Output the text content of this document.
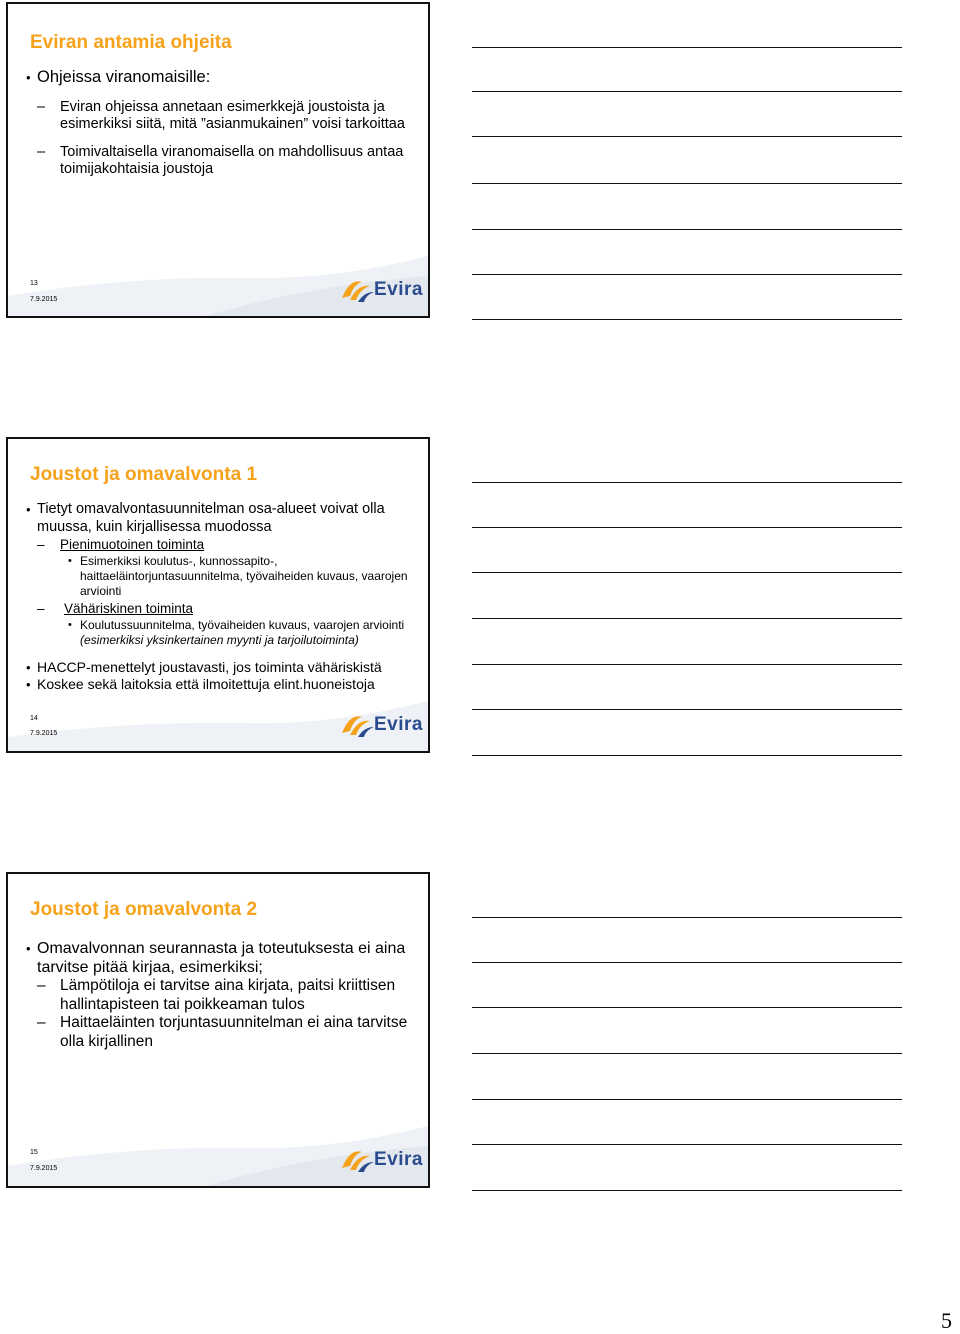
Eviran antamia ohjeita
• Ohjeissa viranomaisille:
– Eviran ohjeissa annetaan esimerkkejä joustoista ja esimerkiksi siitä, mitä ”asianmukainen” voisi tarkoittaa
– Toimivaltaisella viranomaisella on mahdollisuus antaa toimijakohtaisia joustoja
13
7.9.2015	Evira
Joustot ja omavalvonta 1
• Tietyt omavalvontasuunnitelman osa-alueet voivat olla muussa, kuin kirjallisessa muodossa
– Pienimuotoinen toiminta
• Esimerkiksi koulutus-, kunnossapito-, haittaeläintorjuntasuunnitelma, työvaiheiden kuvaus, vaarojen arviointi
– Vähäriskinen toiminta
• Koulutussuunnitelma, työvaiheiden kuvaus, vaarojen arviointi (esimerkiksi yksinkertainen myynti ja tarjoilutoiminta)
• HACCP-menettelyt joustavasti, jos toiminta vähäriskistä
• Koskee sekä laitoksia että ilmoitettuja elint.huoneistoja
14
7.9.2015	Evira
Joustot ja omavalvonta 2
• Omavalvonnan seurannasta ja toteutuksesta ei aina tarvitse pitää kirjaa, esimerkiksi;
– Lämpötiloja ei tarvitse aina kirjata, paitsi kriittisen hallintapisteen tai poikkeaman tulos
– Haittaeläinten torjuntasuunnitelman ei aina tarvitse olla kirjallinen
15
7.9.2015	Evira
5
